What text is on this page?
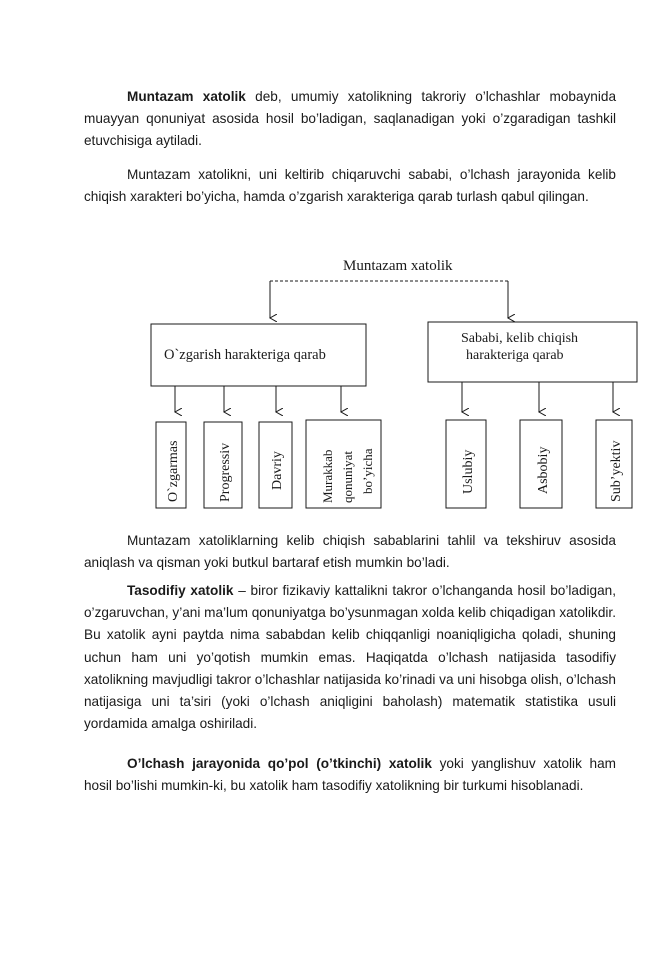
Muntazam xatolik deb, umumiy xatolikning takroriy o’lchashlar mobaynida muayyan qonuniyat asosida hosil bo’ladigan, saqlanadigan yoki o’zgaradigan tashkil etuvchisiga aytiladi.

Muntazam xatolikni, uni keltirib chiqaruvchi sababi, o’lchash jarayonida kelib chiqish xarakteri bo’yicha, hamda o’zgarish xarakteriga qarab turlash qabul qilingan.

Muntazam xatolik
O`zgarish harakteriga qarab
Sababi, kelib chiqish
harakteriga qarab
O`zgarmas	Progressiv	Davriy	Murakkab qonuniyat bo’yicha	Uslubiy	Asbobiy	Sub’yektiv

Muntazam xatoliklarning kelib chiqish sabablarini tahlil va tekshiruv asosida aniqlash va qisman yoki butkul bartaraf etish mumkin bo’ladi.

Tasodifiy xatolik – biror fizikaviy kattalikni takror o’lchanganda hosil bo’ladigan, o’zgaruvchan, y’ani ma’lum qonuniyatga bo’ysunmagan xolda kelib chiqadigan xatolikdir. Bu xatolik ayni paytda nima sababdan kelib chiqqanligi noaniqligicha qoladi, shuning uchun ham uni yo’qotish mumkin emas. Haqiqatda o’lchash natijasida tasodifiy xatolikning mavjudligi takror o’lchashlar natijasida ko’rinadi va uni hisobga olish, o’lchash natijasiga uni ta’siri (yoki o’lchash aniqligini baholash) matematik statistika usuli yordamida amalga oshiriladi.

O’lchash jarayonida qo’pol (o’tkinchi) xatolik yoki yanglishuv xatolik ham hosil bo’lishi mumkin-ki, bu xatolik ham tasodifiy xatolikning bir turkumi hisoblanadi.
